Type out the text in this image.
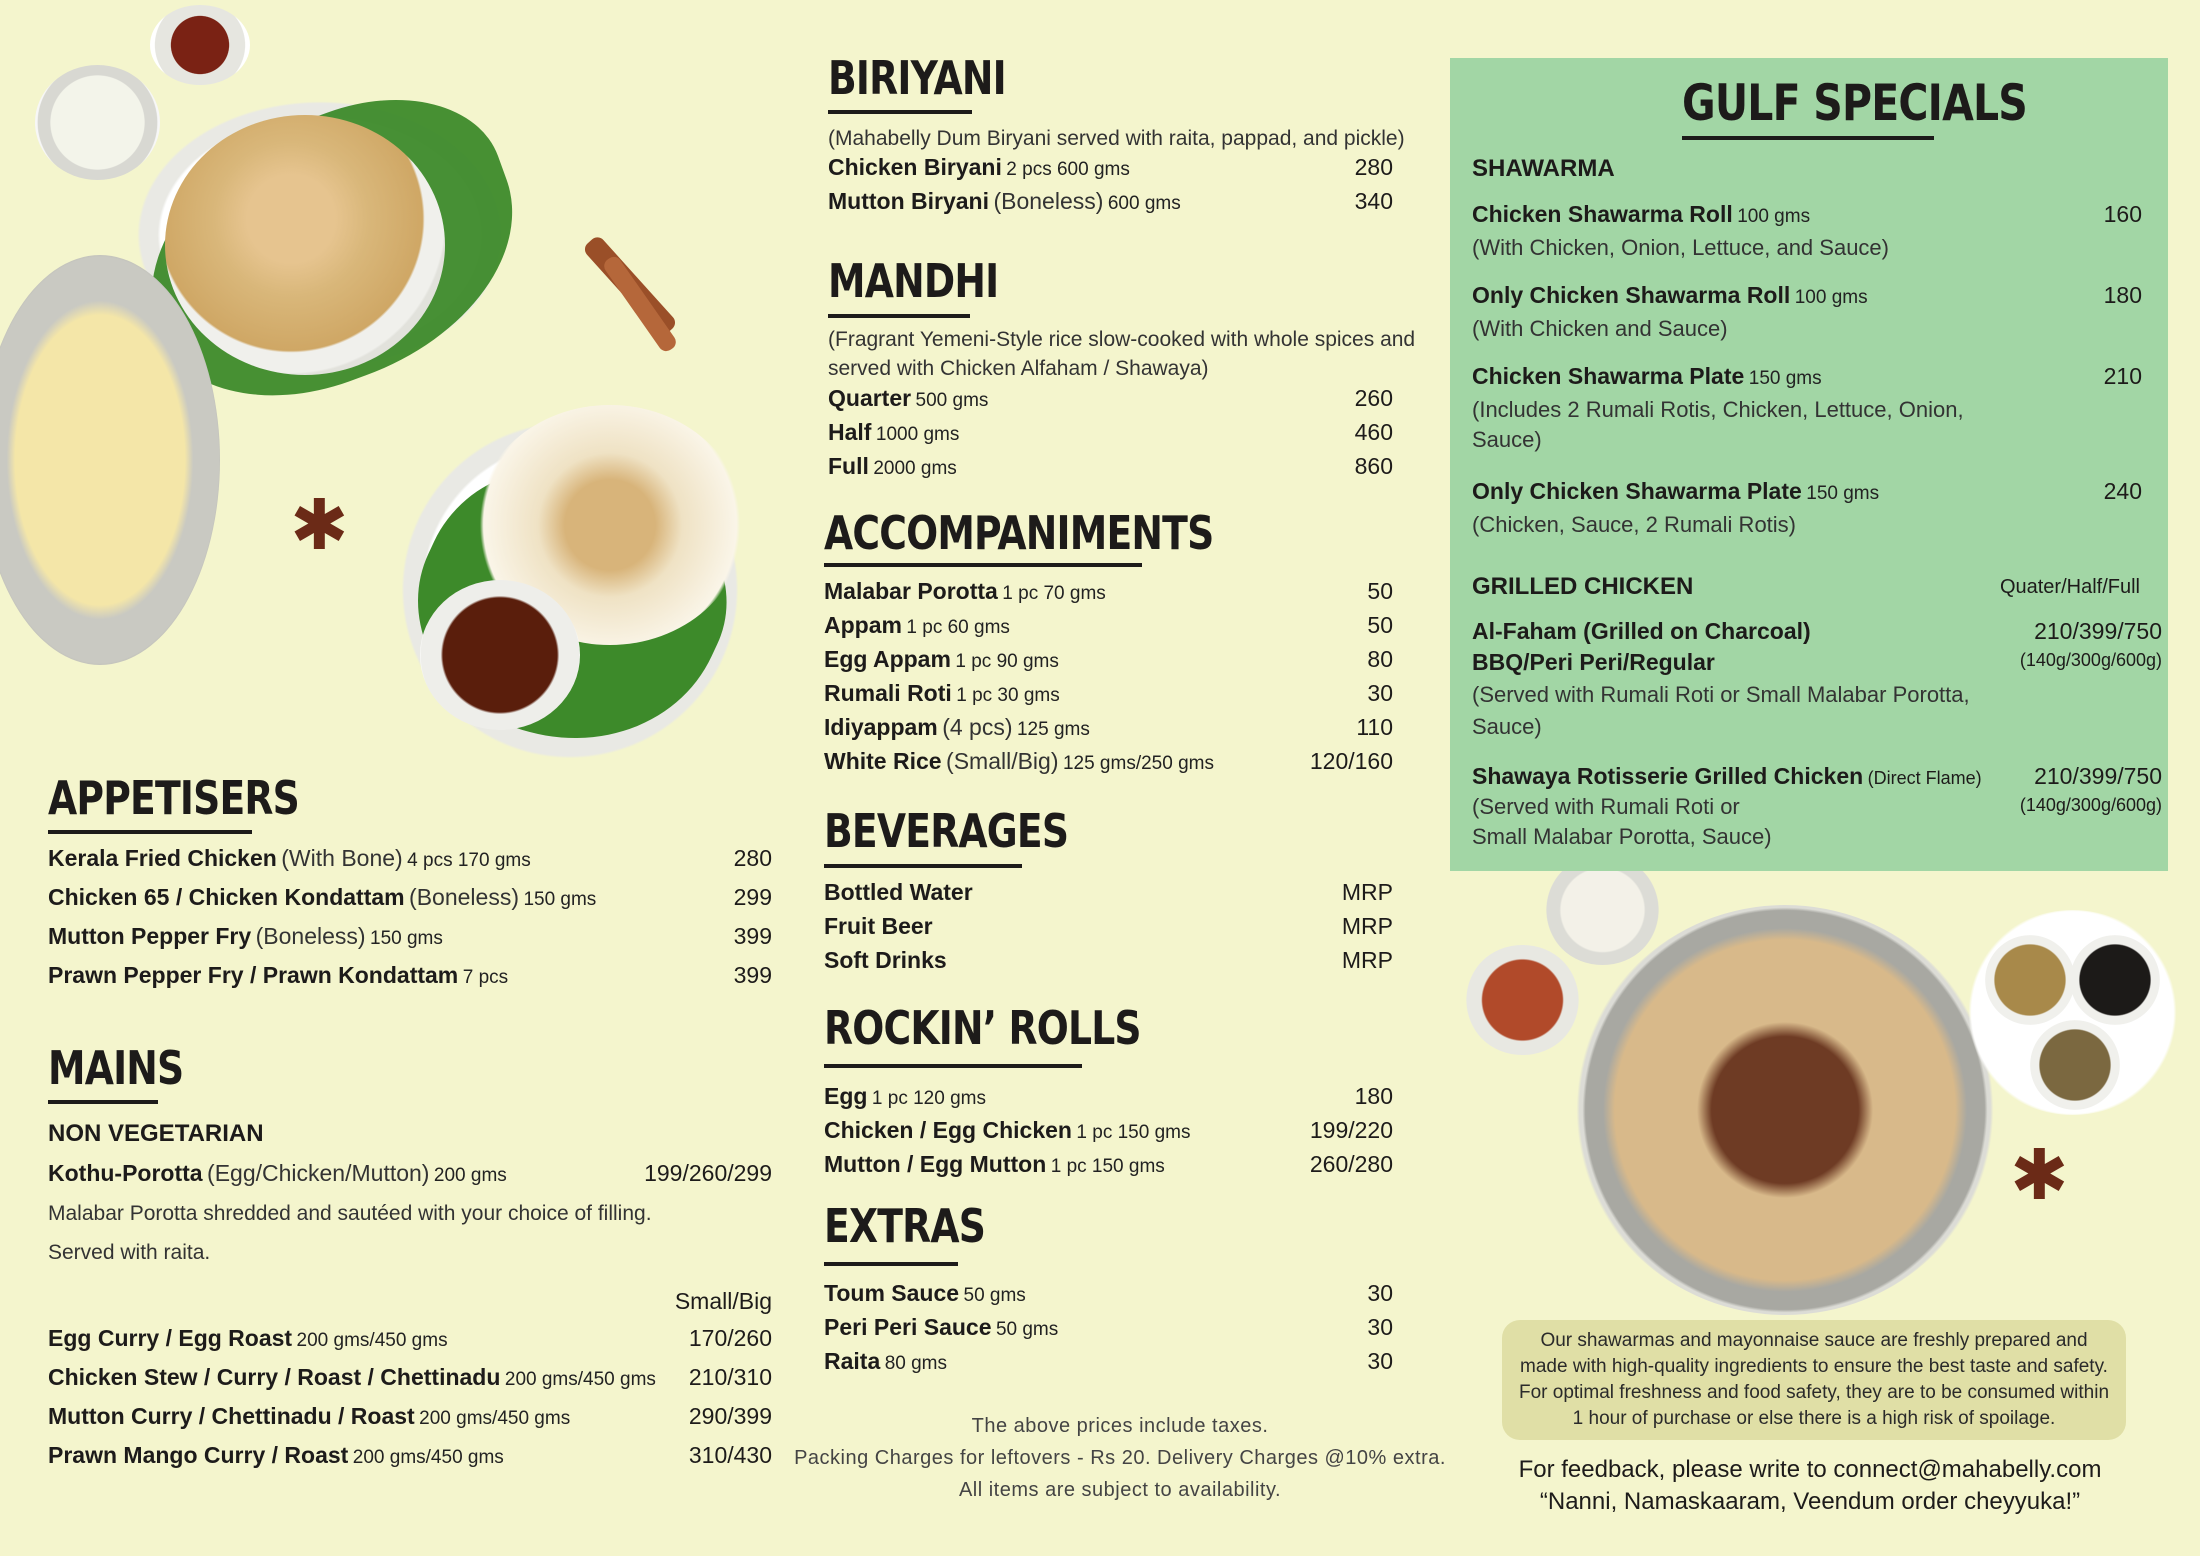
✱
✱
GULF SPECIALS
SHAWARMA
Chicken Shawarma Roll 100 gms	160
(With Chicken, Onion, Lettuce, and Sauce)
Only Chicken Shawarma Roll 100 gms	180
(With Chicken and Sauce)
Chicken Shawarma Plate 150 gms	210
(Includes 2 Rumali Rotis, Chicken, Lettuce, Onion,
Sauce)
Only Chicken Shawarma Plate 150 gms	240
(Chicken, Sauce, 2 Rumali Rotis)
GRILLED CHICKEN	Quater/Half/Full
Al-Faham (Grilled on Charcoal)
BBQ/Peri Peri/Regular
(Served with Rumali Roti or Small Malabar Porotta,
Sauce)
210/399/750
(140g/300g/600g)
Shawaya Rotisserie Grilled Chicken (Direct Flame)
(Served with Rumali Roti or
Small Malabar Porotta, Sauce)
210/399/750
(140g/300g/600g)
BIRIYANI
(Mahabelly Dum Biryani served with raita, pappad, and pickle)
Chicken Biryani 2 pcs 600 gms	280
Mutton Biryani (Boneless) 600 gms	340
MANDHI
(Fragrant Yemeni-Style rice slow-cooked with whole spices and
served with Chicken Alfaham / Shawaya)
Quarter 500 gms	260
Half 1000 gms	460
Full 2000 gms	860
ACCOMPANIMENTS
Malabar Porotta 1 pc 70 gms	50
Appam 1 pc 60 gms	50
Egg Appam 1 pc 90 gms	80
Rumali Roti 1 pc 30 gms	30
Idiyappam (4 pcs) 125 gms	110
White Rice (Small/Big) 125 gms/250 gms	120/160
BEVERAGES
Bottled Water	MRP
Fruit Beer	MRP
Soft Drinks	MRP
ROCKIN’ ROLLS
Egg 1 pc 120 gms	180
Chicken / Egg Chicken 1 pc 150 gms	199/220
Mutton / Egg Mutton 1 pc 150 gms	260/280
EXTRAS
Toum Sauce 50 gms	30
Peri Peri Sauce 50 gms	30
Raita 80 gms	30
The above prices include taxes.
Packing Charges for leftovers - Rs 20. Delivery Charges @10% extra.
All items are subject to availability.
APPETISERS
Kerala Fried Chicken (With Bone) 4 pcs 170 gms	280
Chicken 65 / Chicken Kondattam (Boneless) 150 gms	299
Mutton Pepper Fry (Boneless) 150 gms	399
Prawn Pepper Fry / Prawn Kondattam 7 pcs	399
MAINS
NON VEGETARIAN
Kothu-Porotta (Egg/Chicken/Mutton) 200 gms	199/260/299
Malabar Porotta shredded and sautéed with your choice of filling.
Served with raita.
Small/Big
Egg Curry / Egg Roast 200 gms/450 gms	170/260
Chicken Stew / Curry / Roast / Chettinadu 200 gms/450 gms 210/310
Mutton Curry / Chettinadu / Roast 200 gms/450 gms	290/399
Prawn Mango Curry / Roast 200 gms/450 gms	310/430
Our shawarmas and mayonnaise sauce are freshly prepared and
made with high-quality ingredients to ensure the best taste and safety.
For optimal freshness and food safety, they are to be consumed within
1 hour of purchase or else there is a high risk of spoilage.
For feedback, please write to connect@mahabelly.com
“Nanni, Namaskaaram, Veendum order cheyyuka!”
